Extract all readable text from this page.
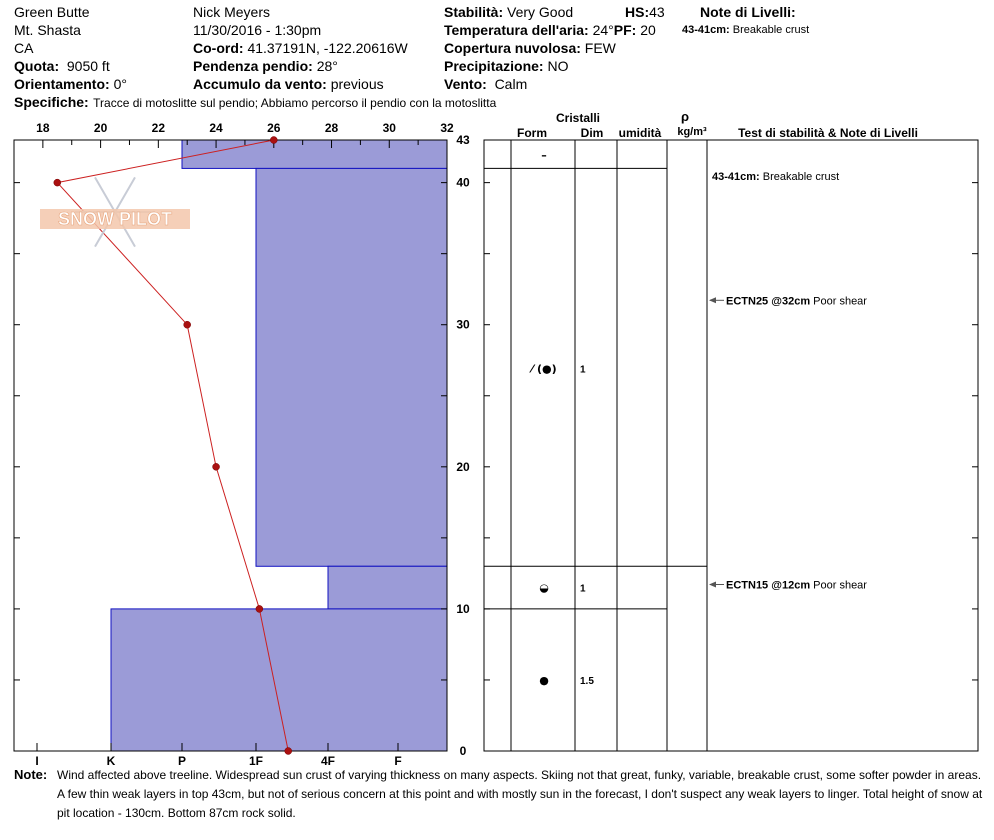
Green Butte
Mt. Shasta
CA
Quota: 9050 ft
Orientamento: 0°
Specifiche: Tracce di motoslitte sul pendio; Abbiamo percorso il pendio con la motoslitta
Nick Meyers
11/30/2016 - 1:30pm
Co-ord: 41.37191N, -122.20616W
Pendenza pendio: 28°
Accumulo da vento: previous
Stabilità: Very Good	HS:43
Temperatura dell'aria: 24°PF: 20
Copertura nuvolosa: FEW
Precipitazione: NO
Vento: Calm
Note di Livelli:
43-41cm: Breakable crust
18	20	22	24	26	28	30	32
I	K	P	1F	4F	F
0
10
20
30
40
43
SNOW PILOT
Cristalli
Form	Dim umidità
ρ
kg/m³	Test di stabilità & Note di Livelli
–
⁄ (●) 1
◒	1
●	1.5
43-41cm: Breakable crust
ECTN25 @32cm Poor shear
ECTN15 @12cm Poor shear
Note: Wind affected above treeline. Widespread sun crust of varying thickness on many aspects. Skiing not that great, funky, variable, breakable crust, some softer powder in areas. A few thin weak layers in top 43cm, but not of serious concern at this point and with mostly sun in the forecast, I don't suspect any weak layers to linger. Total height of snow at pit location - 130cm. Bottom 87cm rock solid.
